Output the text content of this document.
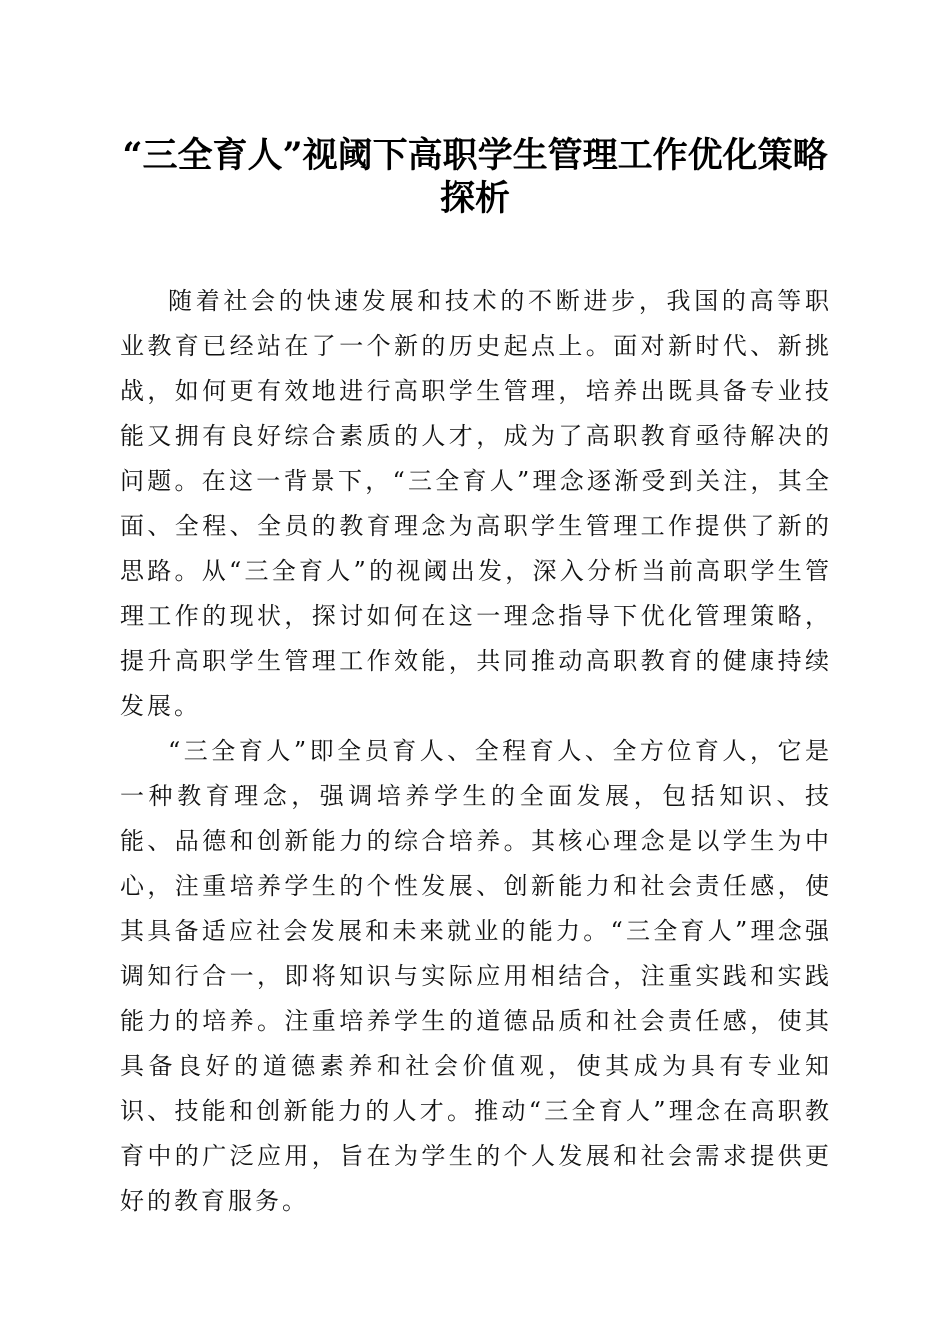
“三全育人”视阈下高职学生管理工作优化策略探析

随着社会的快速发展和技术的不断进步，我国的高等职业教育已经站在了一个新的历史起点上。面对新时代、新挑战，如何更有效地进行高职学生管理，培养出既具备专业技能又拥有良好综合素质的人才，成为了高职教育亟待解决的问题。在这一背景下，“三全育人”理念逐渐受到关注，其全面、全程、全员的教育理念为高职学生管理工作提供了新的思路。从“三全育人”的视阈出发，深入分析当前高职学生管理工作的现状，探讨如何在这一理念指导下优化管理策略，提升高职学生管理工作效能，共同推动高职教育的健康持续发展。

“三全育人”即全员育人、全程育人、全方位育人，它是一种教育理念，强调培养学生的全面发展，包括知识、技能、品德和创新能力的综合培养。其核心理念是以学生为中心，注重培养学生的个性发展、创新能力和社会责任感，使其具备适应社会发展和未来就业的能力。“三全育人”理念强调知行合一，即将知识与实际应用相结合，注重实践和实践能力的培养。注重培养学生的道德品质和社会责任感，使其具备良好的道德素养和社会价值观，使其成为具有专业知识、技能和创新能力的人才。推动“三全育人”理念在高职教育中的广泛应用，旨在为学生的个人发展和社会需求提供更好的教育服务。
